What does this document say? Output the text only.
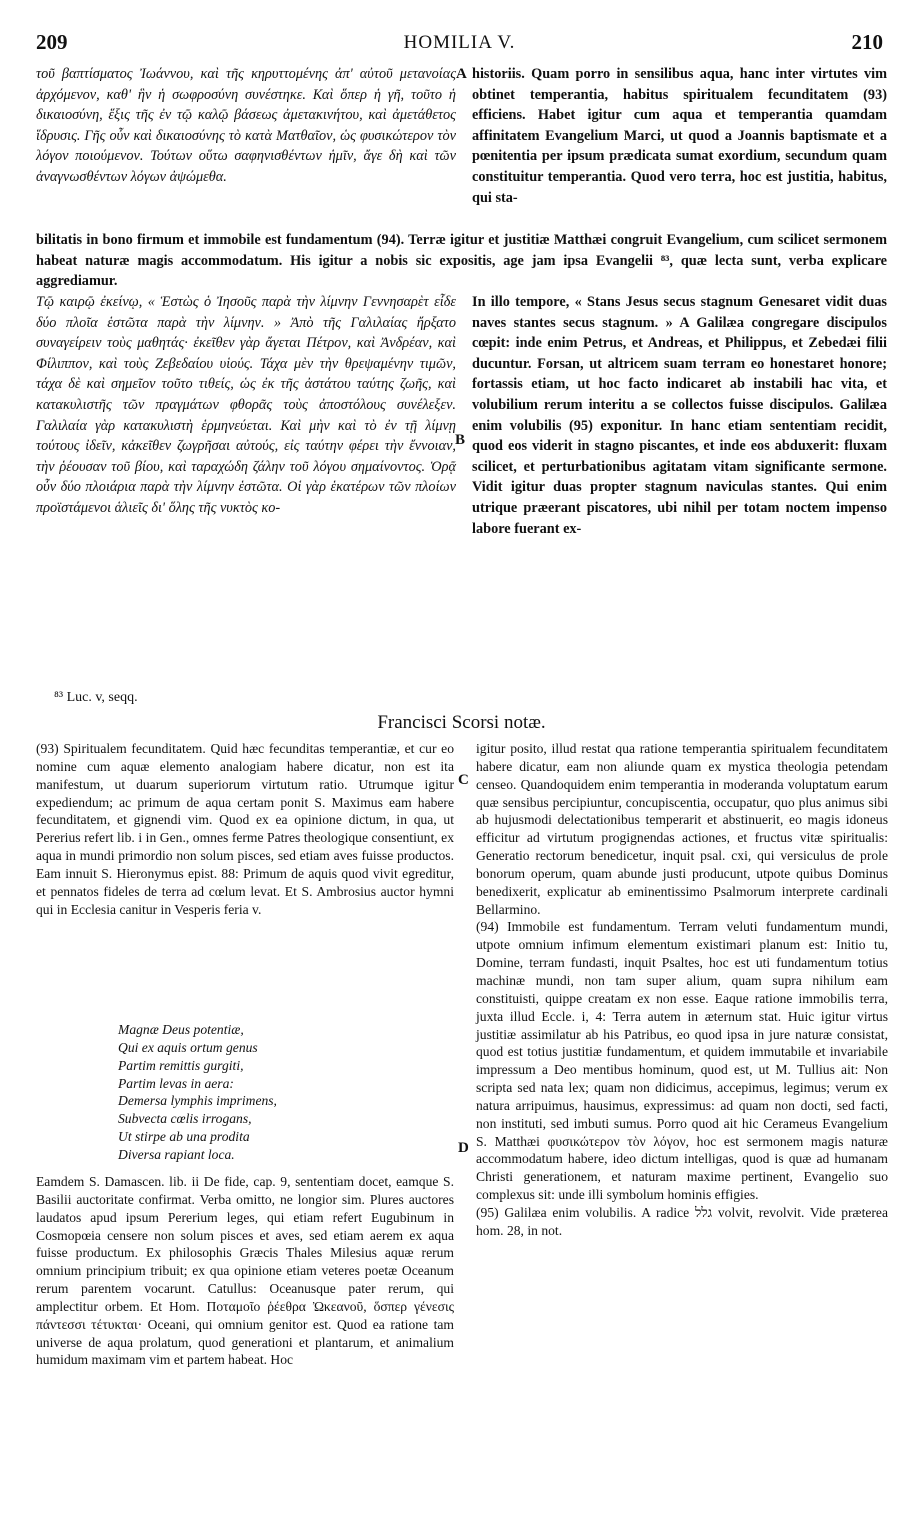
209	HOMILIA V.	210
τοῦ βαπτίσματος Ἰωάννου, καὶ τῆς κηρυττομένης ἀπ' αὐτοῦ μετανοίας ἀρχόμενον, καθ' ἣν ἡ σωφροσύνη συνέστηκε. Καὶ ὅπερ ἡ γῆ, τοῦτο ἡ δικαιοσύνη, ἕξις τῆς ἐν τῷ καλῷ βάσεως ἀμετακινήτου, καὶ ἀμετάθετος ἵδρυσις. Γῆς οὖν καὶ δικαιοσύνης τὸ κατὰ Ματθαῖον, ὡς φυσικώτερον τὸν λόγον ποιούμενον. Τούτων οὕτω σαφηνισθέντων ἡμῖν, ἄγε δὴ καὶ τῶν ἀναγνωσθέντων λόγων ἀψώμεθα.
A historiis. Quam porro in sensilibus aqua, hanc inter virtutes vim obtinet temperantia, habitus spiritualem fecunditatem (93) efficiens. Habet igitur cum aqua et temperantia quamdam affinitatem Evangelium Marci, ut quod a Joannis baptismate et a pœnitentia per ipsum prædicata sumat exordium, secundum quam constituitur temperantia. Quod vero terra, hoc est justitia, habitus, qui sta-
bilitatis in bono firmum et immobile est fundamentum (94). Terræ igitur et justitiæ Matthæi congruit Evangelium, cum scilicet sermonem habeat naturæ magis accommodatum. His igitur a nobis sic expositis, age jam ipsa Evangelii ⁸³, quæ lecta sunt, verba explicare aggrediamur.
Τῷ καιρῷ ἐκείνῳ, « Ἑστὼς ὁ Ἰησοῦς παρὰ τὴν λίμνην Γεννησαρὲτ εἶδε δύο πλοῖα ἑστῶτα παρὰ τὴν λίμνην. » Ἀπὸ τῆς Γαλιλαίας ἤρξατο συναγείρειν τοὺς μαθητάς· ἐκεῖθεν γὰρ ἄγεται Πέτρον, καὶ Ἀνδρέαν, καὶ Φίλιππον, καὶ τοὺς Ζεβεδαίου υἱούς. Τάχα μὲν τὴν θρεψαμένην τιμῶν, τάχα δὲ καὶ σημεῖον τοῦτο τιθείς, ὡς ἐκ τῆς ἀστάτου ταύτης ζωῆς, καὶ κατακυλιστῆς τῶν πραγμάτων φθορᾶς τοὺς ἀποστόλους συνέλεξεν. Γαλιλαία γὰρ κατακυλιστὴ ἑρμηνεύεται. Καὶ μὴν καὶ τὸ ἐν τῇ λίμνῃ τούτους ἰδεῖν, κἀκεῖθεν ζωγρῆσαι αὐτούς, εἰς ταύτην φέρει τὴν ἔννοιαν, τὴν ῥέουσαν τοῦ βίου, καὶ ταραχώδη ζάλην τοῦ λόγου σημαίνοντος. Ὁρᾷ οὖν δύο πλοιάρια παρὰ τὴν λίμνην ἑστῶτα. Οἱ γὰρ ἑκατέρων τῶν πλοίων προϊστάμενοι ἁλιεῖς δι' ὅλης τῆς νυκτὸς κο-
B
In illo tempore, « Stans Jesus secus stagnum Genesaret vidit duas naves stantes secus stagnum. » A Galilæa congregare discipulos cœpit: inde enim Petrus, et Andreas, et Philippus, et Zebedæi filii ducuntur. Forsan, ut altricem suam terram eo honestaret honore; fortassis etiam, ut hoc facto indicaret ab instabili hac vita, et volubilium rerum interitu a se collectos fuisse discipulos. Galilæa enim volubilis (95) exponitur. In hanc etiam sententiam recidit, quod eos viderit in stagno piscantes, et inde eos abduxerit: fluxam scilicet, et perturbationibus agitatam vitam significante sermone. Vidit igitur duas propter stagnum naviculas stantes. Qui enim utrique præerant piscatores, ubi nihil per totam noctem impenso labore fuerant ex-
⁸³ Luc. v, seqq.
Francisci Scorsi notæ.
(93) Spiritualem fecunditatem. Quid hæc fecunditas temperantiæ, et cur eo nomine cum aquæ elemento analogiam habere dicatur, non est ita manifestum, ut duarum superiorum virtutum ratio. Utrumque igitur expediendum; ac primum de aqua certam ponit S. Maximus eam habere fecunditatem, et gignendi vim. Quod ex ea opinione dictum, in qua, ut Pererius refert lib. i in Gen., omnes ferme Patres theologique consentiunt, ex aqua in mundi primordio non solum pisces, sed etiam aves fuisse productos. Eam innuit S. Hieronymus epist. 88: Primum de aquis quod vivit egreditur, et pennatos fideles de terra ad cœlum levat. Et S. Ambrosius auctor hymni qui in Ecclesia canitur in Vesperis feria v.
Magnæ Deus potentiæ,
Qui ex aquis ortum genus
Partim remittis gurgiti,
Partim levas in aera:
Demersa lymphis imprimens,
Subvecta cœlis irrogans,
Ut stirpe ab una prodita
Diversa rapiant loca.
Eamdem S. Damascen. lib. ii De fide, cap. 9, sententiam docet, eamque S. Basilii auctoritate confirmat. Verba omitto, ne longior sim. Plures auctores laudatos apud ipsum Pererium leges, qui etiam refert Eugubinum in Cosmopœia censere non solum pisces et aves, sed etiam aerem ex aqua fuisse productum. Ex philosophis Græcis Thales Milesius aquæ rerum omnium principium tribuit; ex qua opinione etiam veteres poetæ Oceanum rerum parentem vocarunt. Catullus: Oceanusque pater rerum, qui amplectitur orbem. Et Hom. Ποταμοῖο ῥέεθρα Ὠκεανοῦ, ὅσπερ γένεσις πάντεσσι τέτυκται· Oceani, qui omnium genitor est. Quod ea ratione tam universe de aqua prolatum, quod generationi et plantarum, et animalium humidum maximam vim et partem habeat. Hoc
C
D

igitur posito, illud restat qua ratione temperantia spiritualem fecunditatem habere dicatur, eam non aliunde quam ex mystica theologia petendam censeo. Quandoquidem enim temperantia in moderanda voluptatum earum quæ sensibus percipiuntur, concupiscentia, occupatur, quo plus animus sibi ab hujusmodi delectationibus temperarit et abstinuerit, eo magis idoneus efficitur ad virtutum progignendas actiones, et fructus vitæ spiritualis: Generatio rectorum benedicetur, inquit psal. cxi, qui versiculus de prole bonorum operum, quam abunde justi producunt, utpote quibus Dominus benedixerit, explicatur ab eminentissimo Psalmorum interprete cardinali Bellarmino.

(94) Immobile est fundamentum. Terram veluti fundamentum mundi, utpote omnium infimum elementum existimari planum est: Initio tu, Domine, terram fundasti, inquit Psaltes, hoc est uti fundamentum totius machinæ mundi, non tam super alium, quam supra nihilum eam constituisti, quippe creatam ex non esse. Eaque ratione immobilis terra, juxta illud Eccle. i, 4: Terra autem in æternum stat. Huic igitur virtus justitiæ assimilatur ab his Patribus, eo quod ipsa in jure naturæ consistat, quod est totius justitiæ fundamentum, et quidem immutabile et invariabile impressum a Deo mentibus hominum, quod est, ut M. Tullius ait: Non scripta sed nata lex; quam non didicimus, accepimus, legimus; verum ex natura arripuimus, hausimus, expressimus: ad quam non docti, sed facti, non instituti, sed imbuti sumus. Porro quod ait hic Cerameus Evangelium S. Matthæi φυσικώτερον τὸν λόγον, hoc est sermonem magis naturæ accommodatum habere, ideo dictum intelligas, quod is quæ ad humanam Christi generationem, et naturam maxime pertinent, Evangelio suo complexus sit: unde illi symbolum hominis effigies.

(95) Galilæa enim volubilis. A radice גלל volvit, revolvit. Vide præterea hom. 28, in not.
